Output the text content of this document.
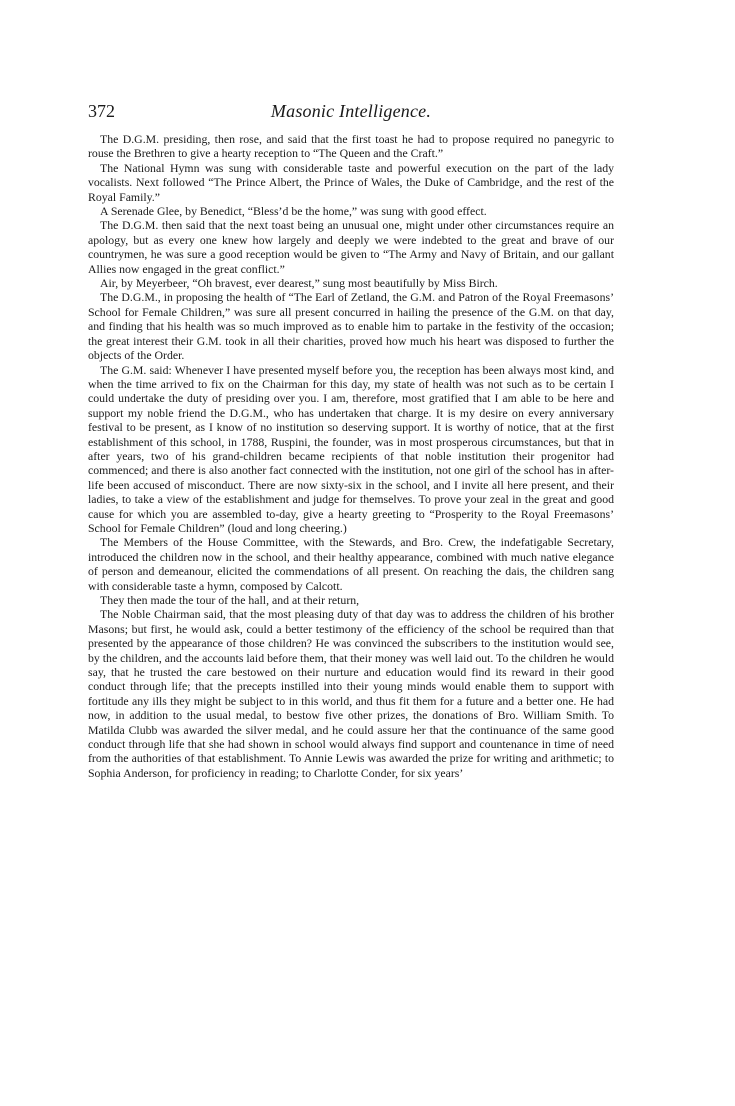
372	Masonic Intelligence.

The D.G.M. presiding, then rose, and said that the first toast he had to propose required no panegyric to rouse the Brethren to give a hearty reception to “The Queen and the Craft.”

The National Hymn was sung with considerable taste and powerful execution on the part of the lady vocalists. Next followed “The Prince Albert, the Prince of Wales, the Duke of Cambridge, and the rest of the Royal Family.”

A Serenade Glee, by Benedict, “Bless’d be the home,” was sung with good effect.

The D.G.M. then said that the next toast being an unusual one, might under other circumstances require an apology, but as every one knew how largely and deeply we were indebted to the great and brave of our countrymen, he was sure a good reception would be given to “The Army and Navy of Britain, and our gallant Allies now engaged in the great conflict.”

Air, by Meyerbeer, “Oh bravest, ever dearest,” sung most beautifully by Miss Birch.

The D.G.M., in proposing the health of “The Earl of Zetland, the G.M. and Patron of the Royal Freemasons’ School for Female Children,” was sure all present concurred in hailing the presence of the G.M. on that day, and finding that his health was so much improved as to enable him to partake in the festivity of the occasion; the great interest their G.M. took in all their charities, proved how much his heart was disposed to further the objects of the Order.

The G.M. said: Whenever I have presented myself before you, the reception has been always most kind, and when the time arrived to fix on the Chairman for this day, my state of health was not such as to be certain I could undertake the duty of presiding over you. I am, therefore, most gratified that I am able to be here and support my noble friend the D.G.M., who has undertaken that charge. It is my desire on every anniversary festival to be present, as I know of no institution so deserving support. It is worthy of notice, that at the first establishment of this school, in 1788, Ruspini, the founder, was in most prosperous circumstances, but that in after years, two of his grand-children became recipients of that noble institution their progenitor had commenced; and there is also another fact connected with the institution, not one girl of the school has in after-life been accused of misconduct. There are now sixty-six in the school, and I invite all here present, and their ladies, to take a view of the establishment and judge for themselves. To prove your zeal in the great and good cause for which you are assembled to-day, give a hearty greeting to “Prosperity to the Royal Freemasons’ School for Female Children” (loud and long cheering.)

The Members of the House Committee, with the Stewards, and Bro. Crew, the indefatigable Secretary, introduced the children now in the school, and their healthy appearance, combined with much native elegance of person and demeanour, elicited the commendations of all present. On reaching the dais, the children sang with considerable taste a hymn, composed by Calcott.

They then made the tour of the hall, and at their return,

The Noble Chairman said, that the most pleasing duty of that day was to address the children of his brother Masons; but first, he would ask, could a better testimony of the efficiency of the school be required than that presented by the appearance of those children? He was convinced the subscribers to the institution would see, by the children, and the accounts laid before them, that their money was well laid out. To the children he would say, that he trusted the care bestowed on their nurture and education would find its reward in their good conduct through life; that the precepts instilled into their young minds would enable them to support with fortitude any ills they might be subject to in this world, and thus fit them for a future and a better one. He had now, in addition to the usual medal, to bestow five other prizes, the donations of Bro. William Smith. To Matilda Clubb was awarded the silver medal, and he could assure her that the continuance of the same good conduct through life that she had shown in school would always find support and countenance in time of need from the authorities of that establishment. To Annie Lewis was awarded the prize for writing and arithmetic; to Sophia Anderson, for proficiency in reading; to Charlotte Conder, for six years’
